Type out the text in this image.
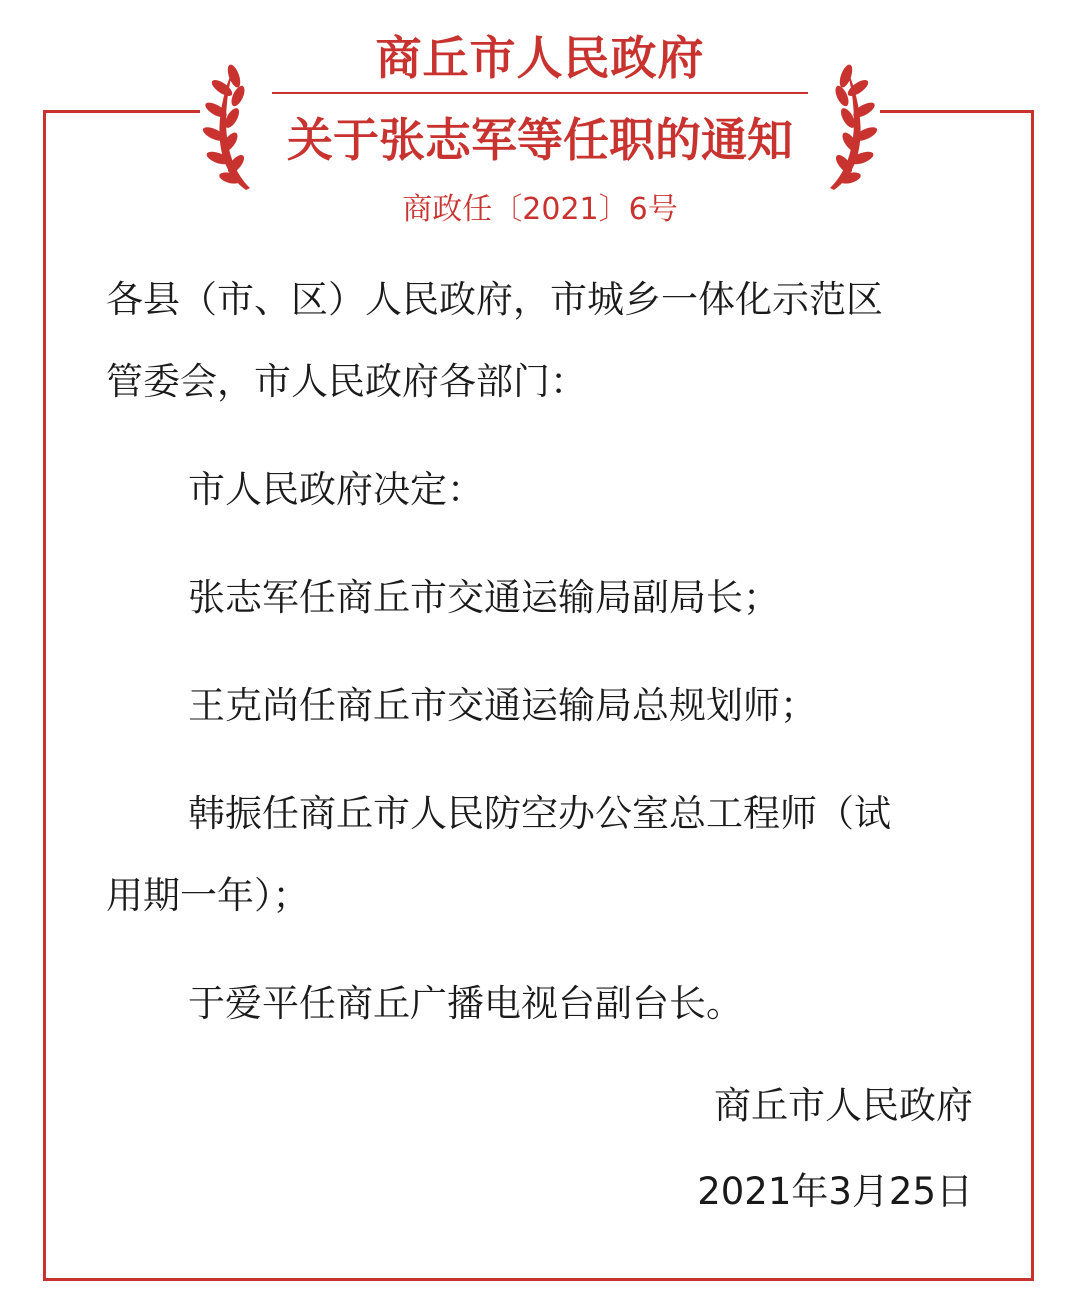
商丘市人民政府
关于张志军等任职的通知
商政任〔2021〕6号
各县（市、区）人民政府，市城乡一体化示范区
管委会，市人民政府各部门：
市人民政府决定：
张志军任商丘市交通运输局副局长；
王克尚任商丘市交通运输局总规划师；
韩振任商丘市人民防空办公室总工程师（试
用期一年）；
于爱平任商丘广播电视台副台长。
商丘市人民政府
2021年3月25日
